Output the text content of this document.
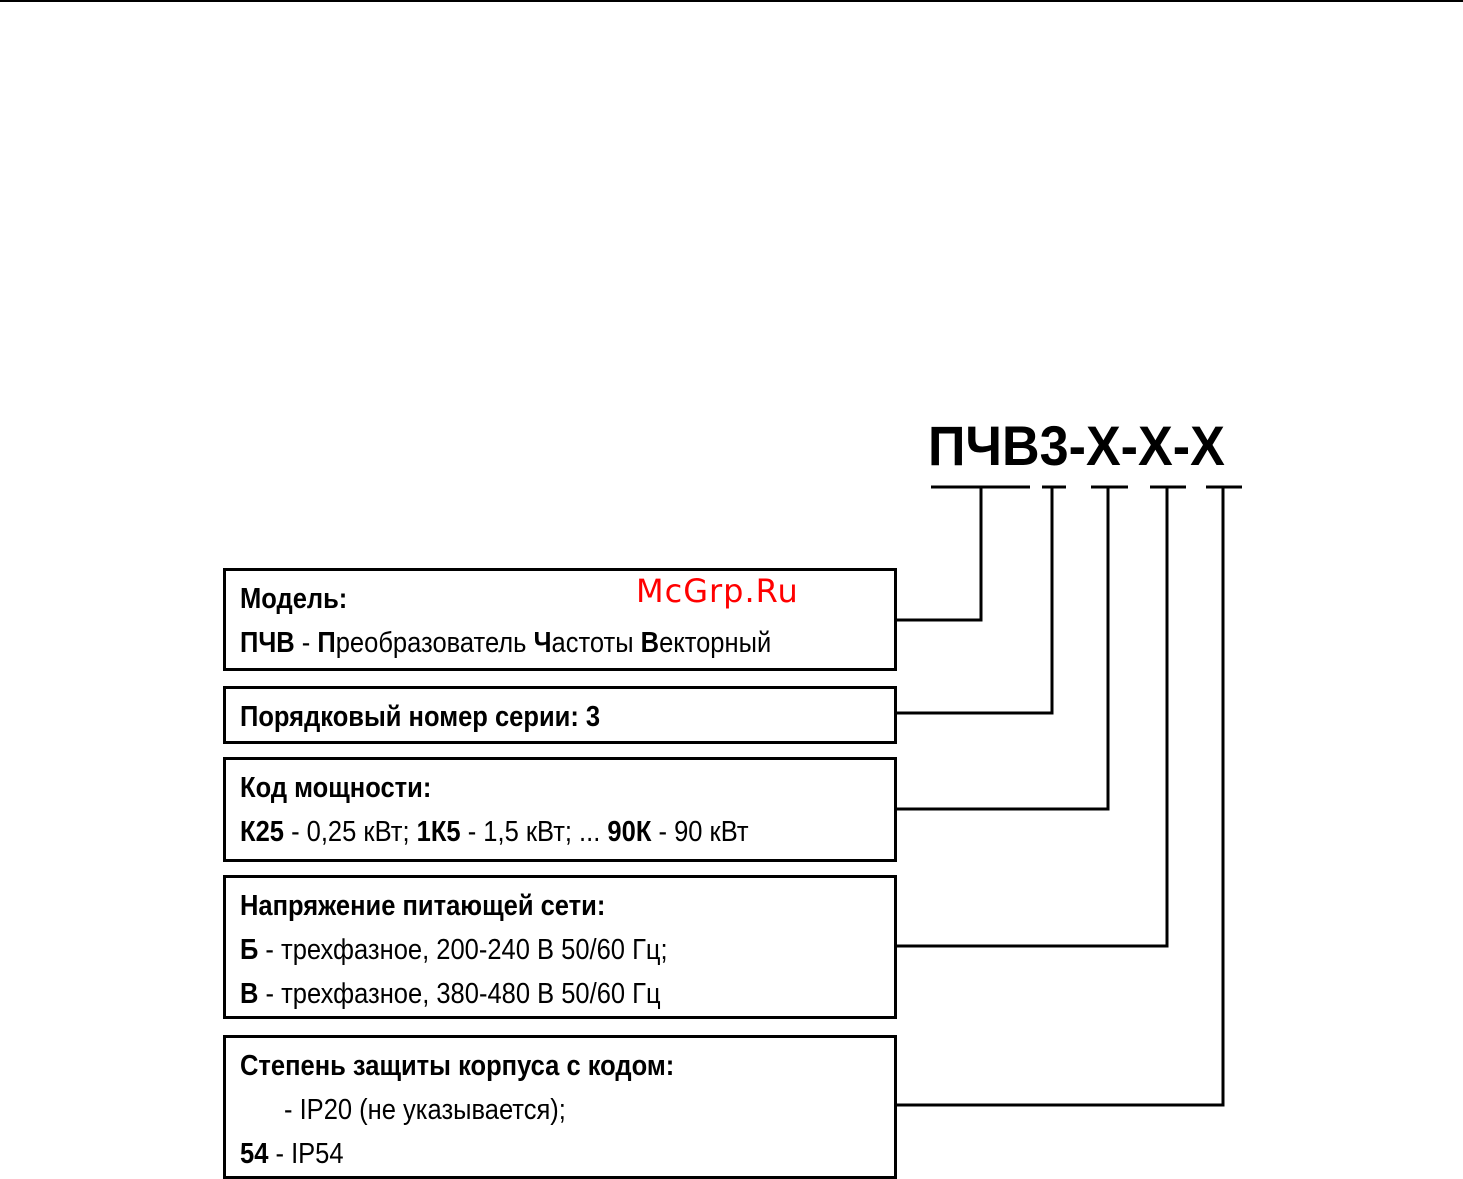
ПЧВ3-Х-Х-Х
Модель:
ПЧВ - Преобразователь Частоты Векторный
Порядковый номер серии: 3
Код мощности:
К25 - 0,25 кВт; 1К5 - 1,5 кВт; ... 90К - 90 кВт
Напряжение питающей сети:
Б - трехфазное, 200-240 В 50/60 Гц;
В - трехфазное, 380-480 В 50/60 Гц
Степень защиты корпуса с кодом:
- IP20 (не указывается);
54 - IP54
McGrp.Ru
